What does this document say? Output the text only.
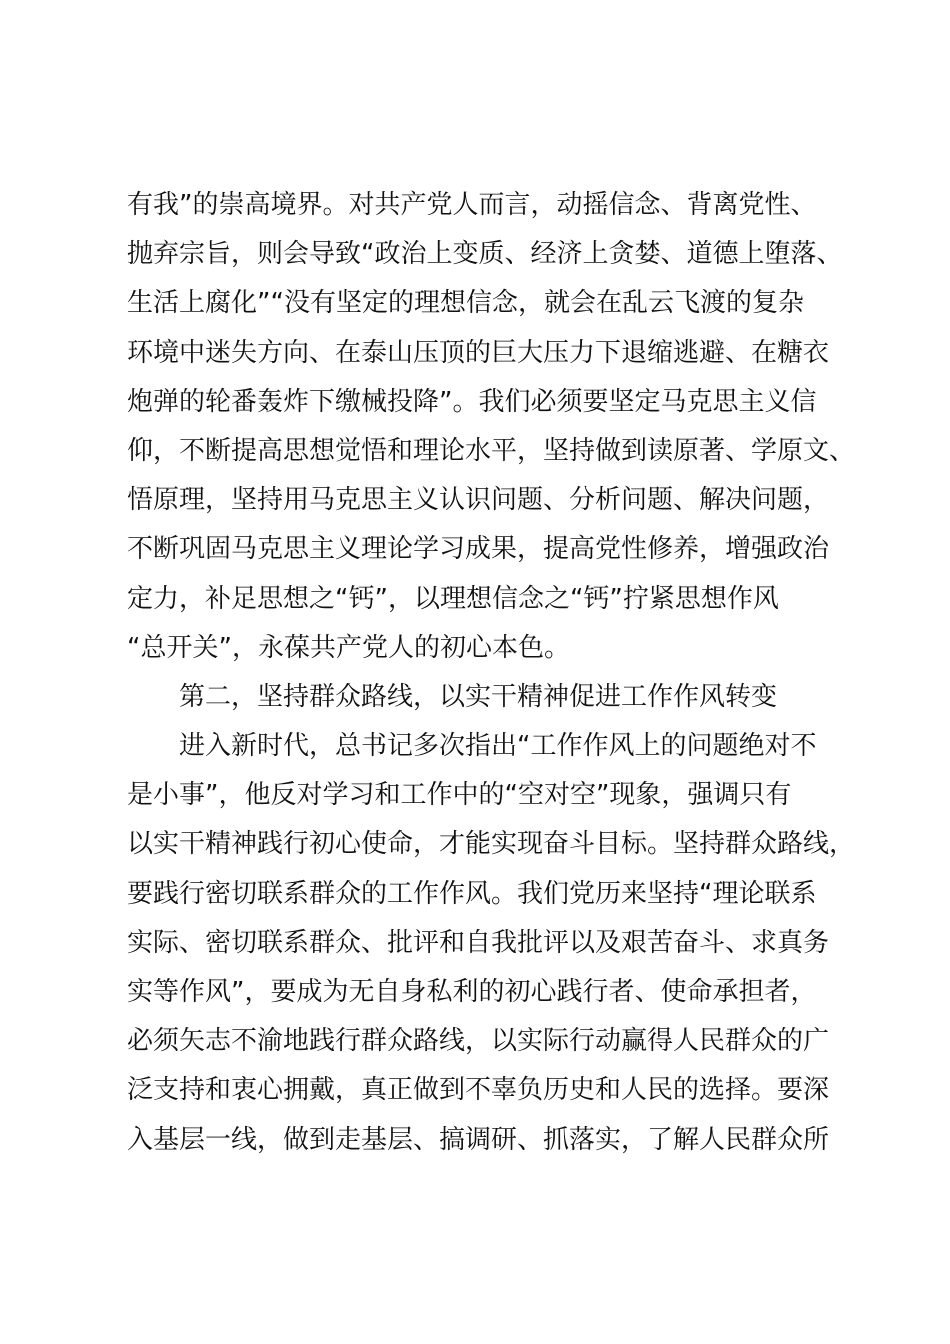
有我”的崇高境界。对共产党人而言，动摇信念、背离党性、
抛弃宗旨，则会导致“政治上变质、经济上贪婪、道德上堕落、
生活上腐化”“没有坚定的理想信念，就会在乱云飞渡的复杂
环境中迷失方向、在泰山压顶的巨大压力下退缩逃避、在糖衣
炮弹的轮番轰炸下缴械投降”。我们必须要坚定马克思主义信
仰，不断提高思想觉悟和理论水平，坚持做到读原著、学原文、
悟原理，坚持用马克思主义认识问题、分析问题、解决问题，
不断巩固马克思主义理论学习成果，提高党性修养，增强政治
定力，补足思想之“钙”，以理想信念之“钙”拧紧思想作风
“总开关”，永葆共产党人的初心本色。
第二，坚持群众路线，以实干精神促进工作作风转变
进入新时代，总书记多次指出“工作作风上的问题绝对不
是小事”，他反对学习和工作中的“空对空”现象，强调只有
以实干精神践行初心使命，才能实现奋斗目标。坚持群众路线，
要践行密切联系群众的工作作风。我们党历来坚持“理论联系
实际、密切联系群众、批评和自我批评以及艰苦奋斗、求真务
实等作风”，要成为无自身私利的初心践行者、使命承担者，
必须矢志不渝地践行群众路线，以实际行动赢得人民群众的广
泛支持和衷心拥戴，真正做到不辜负历史和人民的选择。要深
入基层一线，做到走基层、搞调研、抓落实，了解人民群众所
